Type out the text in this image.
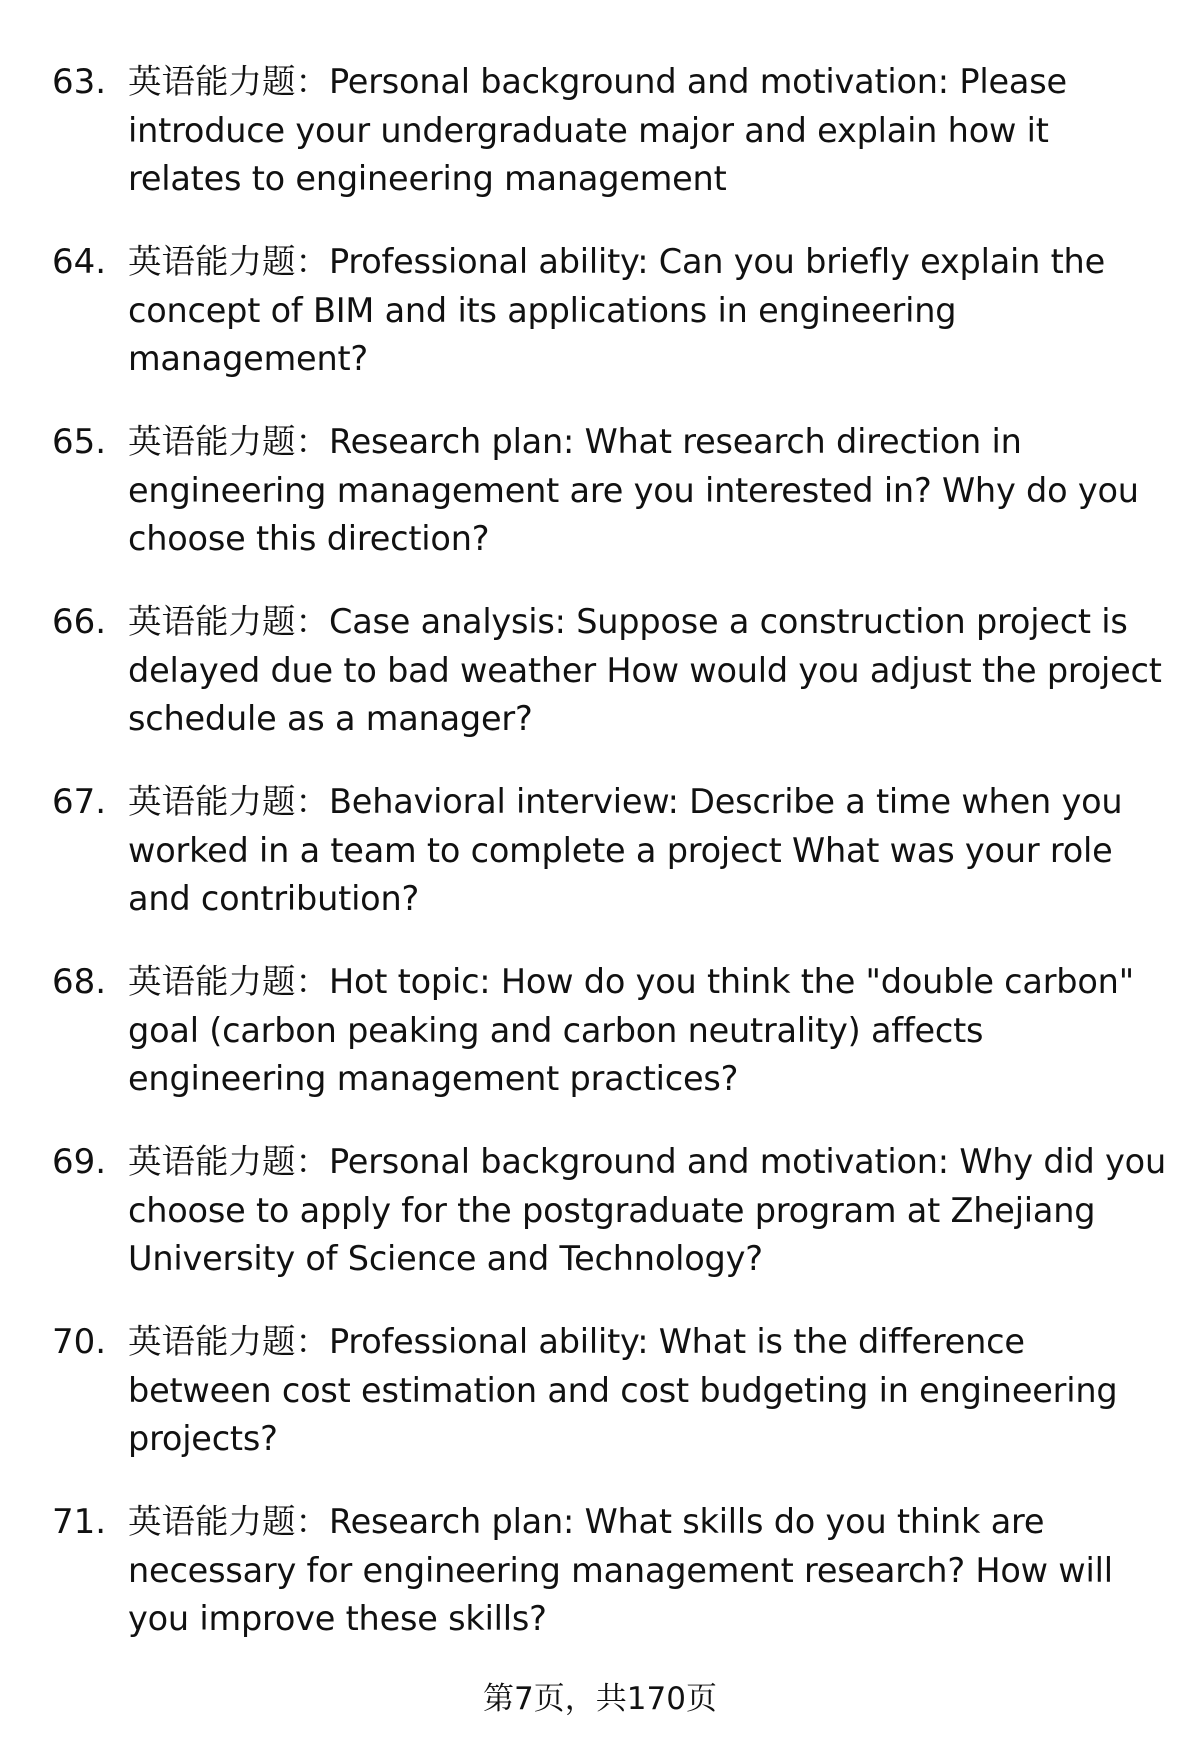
63. 英语能力题：Personal background and motivation: Please introduce your undergraduate major and explain how it relates to engineering management
64. 英语能力题：Professional ability: Can you briefly explain the concept of BIM and its applications in engineering management?
65. 英语能力题：Research plan: What research direction in engineering management are you interested in? Why do you choose this direction?
66. 英语能力题：Case analysis: Suppose a construction project is delayed due to bad weather How would you adjust the project schedule as a manager?
67. 英语能力题：Behavioral interview: Describe a time when you worked in a team to complete a project What was your role and contribution?
68. 英语能力题：Hot topic: How do you think the "double carbon" goal (carbon peaking and carbon neutrality) affects engineering management practices?
69. 英语能力题：Personal background and motivation: Why did you choose to apply for the postgraduate program at Zhejiang University of Science and Technology?
70. 英语能力题：Professional ability: What is the difference between cost estimation and cost budgeting in engineering projects?
71. 英语能力题：Research plan: What skills do you think are necessary for engineering management research? How will you improve these skills?
第7页，共170页
